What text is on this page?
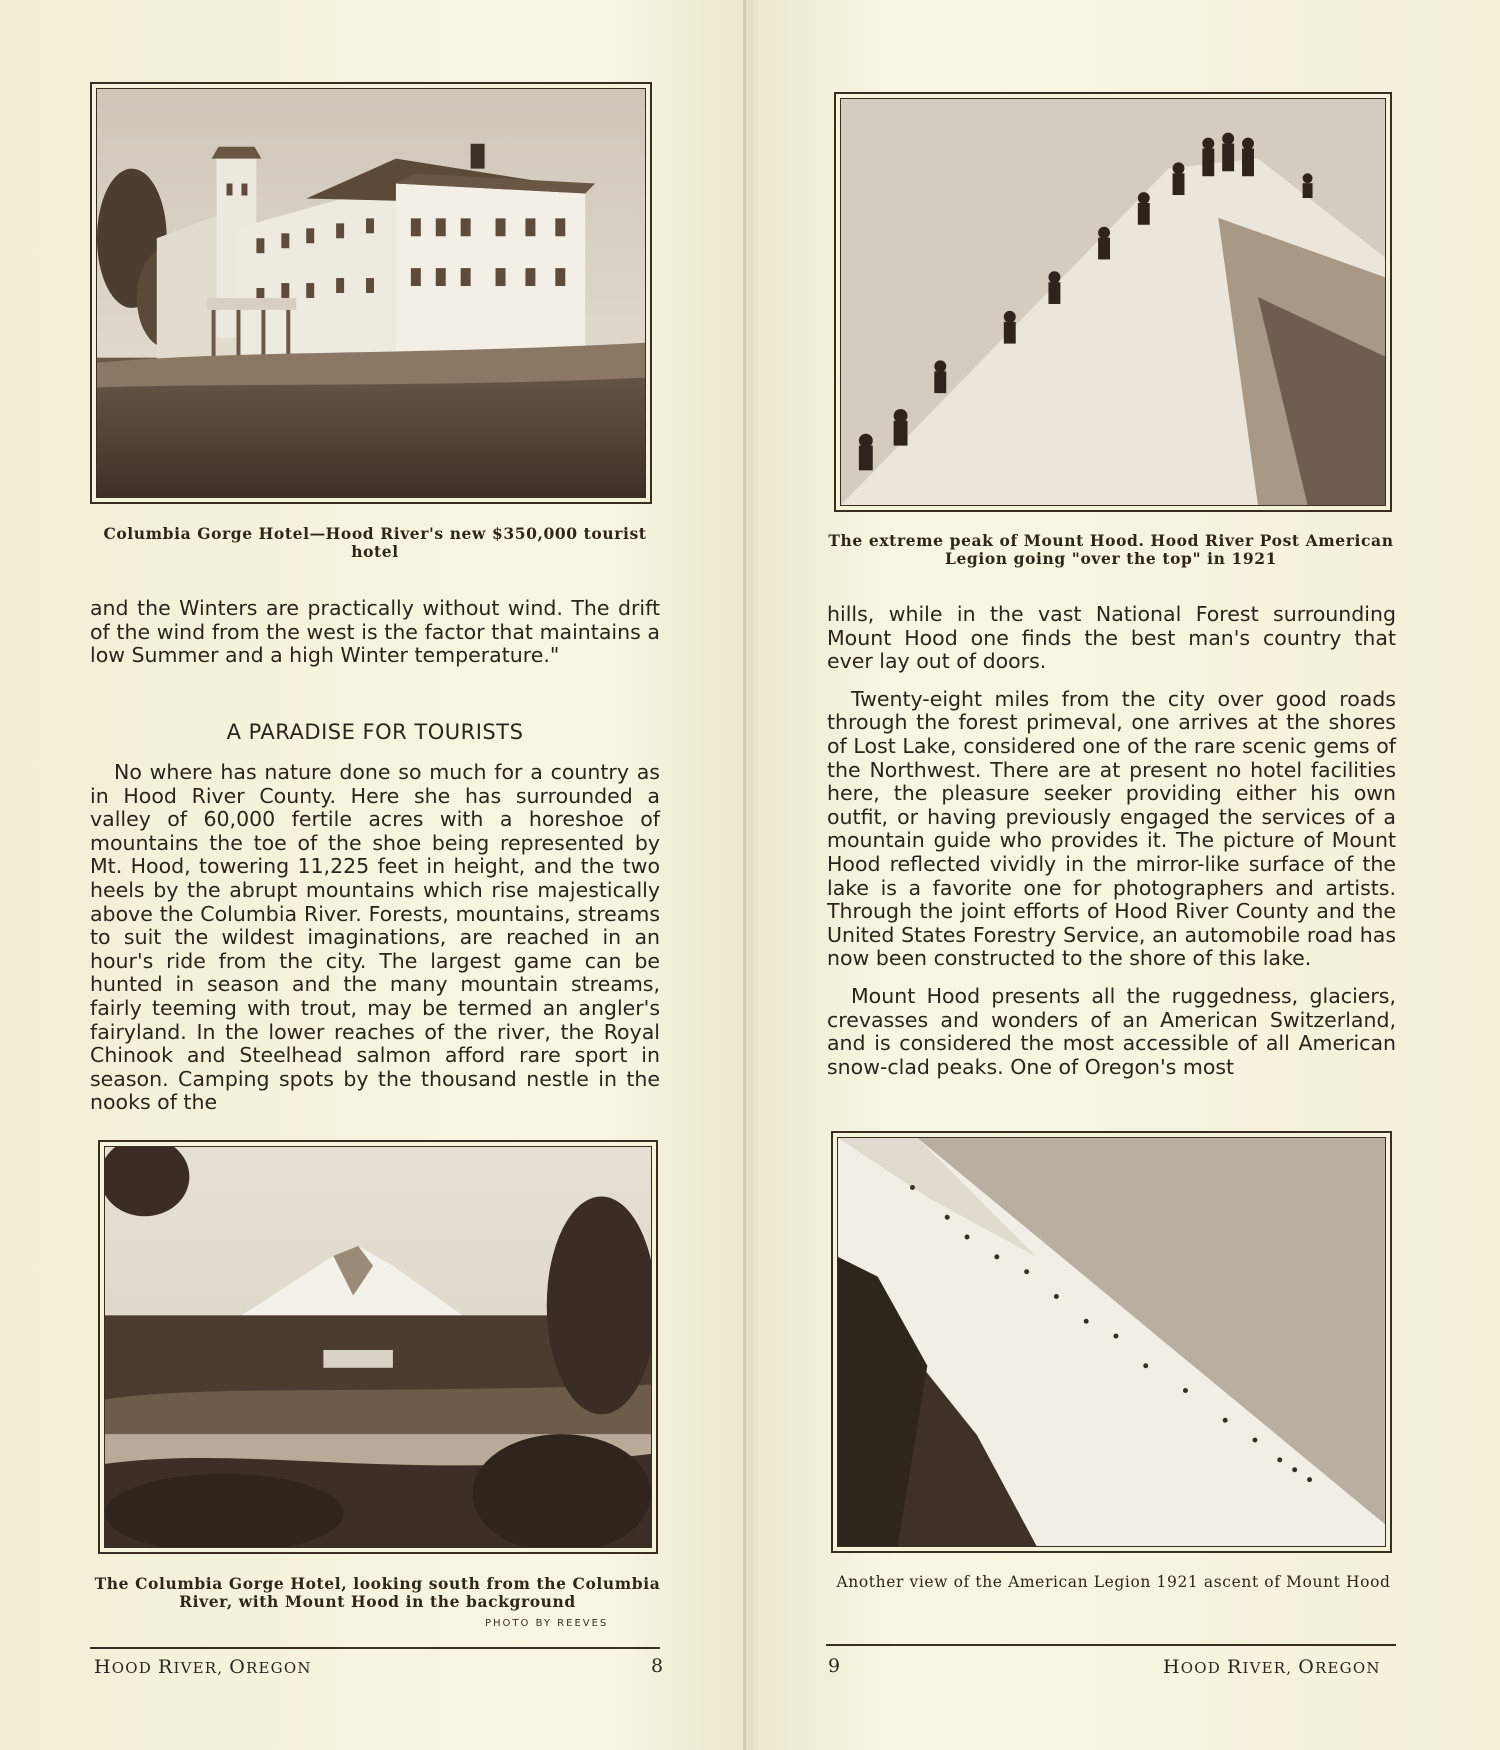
Columbia Gorge Hotel—Hood River's new $350,000 tourist hotel

and the Winters are practically without wind. The drift of the wind from the west is the factor that maintains a low Summer and a high Winter temperature."

A PARADISE FOR TOURISTS

No where has nature done so much for a country as in Hood River County. Here she has surrounded a valley of 60,000 fertile acres with a horeshoe of mountains the toe of the shoe being represented by Mt. Hood, towering 11,225 feet in height, and the two heels by the abrupt mountains which rise majestically above the Columbia River. Forests, mountains, streams to suit the wildest imaginations, are reached in an hour's ride from the city. The largest game can be hunted in season and the many mountain streams, fairly teeming with trout, may be termed an angler's fairyland. In the lower reaches of the river, the Royal Chinook and Steelhead salmon afford rare sport in season. Camping spots by the thousand nestle in the nooks of the

The Columbia Gorge Hotel, looking south from the Columbia River, with Mount Hood in the background
PHOTO BY REEVES
HOOD RIVER, OREGON	8
The extreme peak of Mount Hood. Hood River Post American Legion going "over the top" in 1921

hills, while in the vast National Forest surrounding Mount Hood one finds the best man's country that ever lay out of doors.

Twenty-eight miles from the city over good roads through the forest primeval, one arrives at the shores of Lost Lake, considered one of the rare scenic gems of the Northwest. There are at present no hotel facilities here, the pleasure seeker providing either his own outfit, or having previously engaged the services of a mountain guide who provides it. The picture of Mount Hood reflected vividly in the mirror-like surface of the lake is a favorite one for photographers and artists. Through the joint efforts of Hood River County and the United States Forestry Service, an automobile road has now been constructed to the shore of this lake.

Mount Hood presents all the ruggedness, glaciers, crevasses and wonders of an American Switzerland, and is considered the most accessible of all American snow-clad peaks. One of Oregon's most

Another view of the American Legion 1921 ascent of Mount Hood
9	HOOD RIVER, OREGON
